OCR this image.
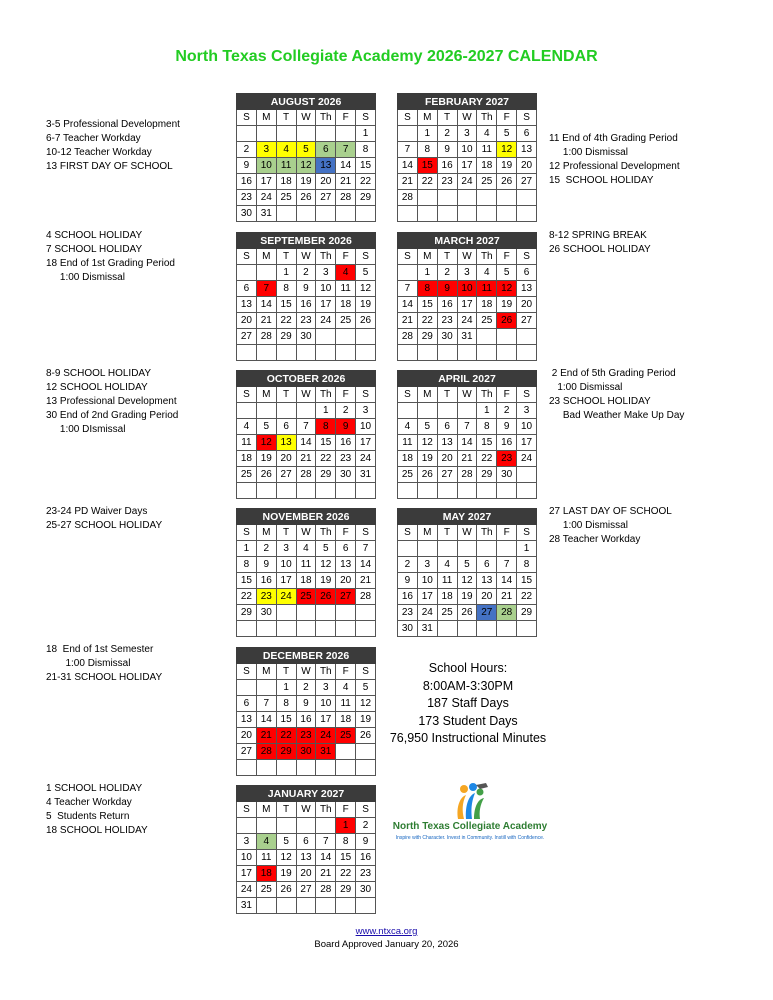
North Texas Collegiate Academy 2026-2027 CALENDAR
3-5 Professional Development
6-7 Teacher Workday
10-12 Teacher Workday
13 FIRST DAY OF SCHOOL
4 SCHOOL HOLIDAY
7 SCHOOL HOLIDAY
18 End of 1st Grading Period
1:00 Dismissal
8-9 SCHOOL HOLIDAY
12 SCHOOL HOLIDAY
13 Professional Development
30 End of 2nd Grading Period
1:00 DIsmissal
23-24 PD Waiver Days
25-27 SCHOOL HOLIDAY
18  End of 1st Semester
1:00 Dismissal
21-31 SCHOOL HOLIDAY
1 SCHOOL HOLIDAY
4 Teacher Workday
5  Students Return
18 SCHOOL HOLIDAY
11 End of 4th Grading Period
1:00 Dismissal
12 Professional Development
15  SCHOOL HOLIDAY
8-12 SPRING BREAK
26 SCHOOL HOLIDAY
2 End of 5th Grading Period
1:00 Dismissal
23 SCHOOL HOLIDAY
Bad Weather Make Up Day
27 LAST DAY OF SCHOOL
1:00 Dismissal
28 Teacher Workday
AUGUST 2026						
S	M	T	W	Th	F	S
						1
2	3	4	5	6	7	8
9	10	11	12	13	14	15
16	17	18	19	20	21	22
23	24	25	26	27	28	29
30	31					
SEPTEMBER 2026						
S	M	T	W	Th	F	S
		1	2	3	4	5
6	7	8	9	10	11	12
13	14	15	16	17	18	19
20	21	22	23	24	25	26
27	28	29	30			

OCTOBER 2026						
S	M	T	W	Th	F	S
				1	2	3
4	5	6	7	8	9	10
11	12	13	14	15	16	17
18	19	20	21	22	23	24
25	26	27	28	29	30	31

NOVEMBER 2026						
S	M	T	W	Th	F	S
1	2	3	4	5	6	7
8	9	10	11	12	13	14
15	16	17	18	19	20	21
22	23	24	25	26	27	28
29	30					

DECEMBER 2026						
S	M	T	W	Th	F	S
		1	2	3	4	5
6	7	8	9	10	11	12
13	14	15	16	17	18	19
20	21	22	23	24	25	26
27	28	29	30	31		

JANUARY 2027						
S	M	T	W	Th	F	S
					1	2
3	4	5	6	7	8	9
10	11	12	13	14	15	16
17	18	19	20	21	22	23
24	25	26	27	28	29	30
31						
FEBRUARY 2027						
S	M	T	W	Th	F	S
	1	2	3	4	5	6
7	8	9	10	11	12	13
14	15	16	17	18	19	20
21	22	23	24	25	26	27
28						

MARCH 2027						
S	M	T	W	Th	F	S
	1	2	3	4	5	6
7	8	9	10	11	12	13
14	15	16	17	18	19	20
21	22	23	24	25	26	27
28	29	30	31			

APRIL 2027						
S	M	T	W	Th	F	S
				1	2	3
4	5	6	7	8	9	10
11	12	13	14	15	16	17
18	19	20	21	22	23	24
25	26	27	28	29	30	

MAY 2027						
S	M	T	W	Th	F	S
						1
2	3	4	5	6	7	8
9	10	11	12	13	14	15
16	17	18	19	20	21	22
23	24	25	26	27	28	29
30	31					
School Hours:
8:00AM-3:30PM
187 Staff Days
173 Student Days
76,950 Instructional Minutes
North Texas Collegiate Academy
Inspire with Character. Invest in Community. Instill with Confidence.
www.ntxca.org
Board Approved January 20, 2026
